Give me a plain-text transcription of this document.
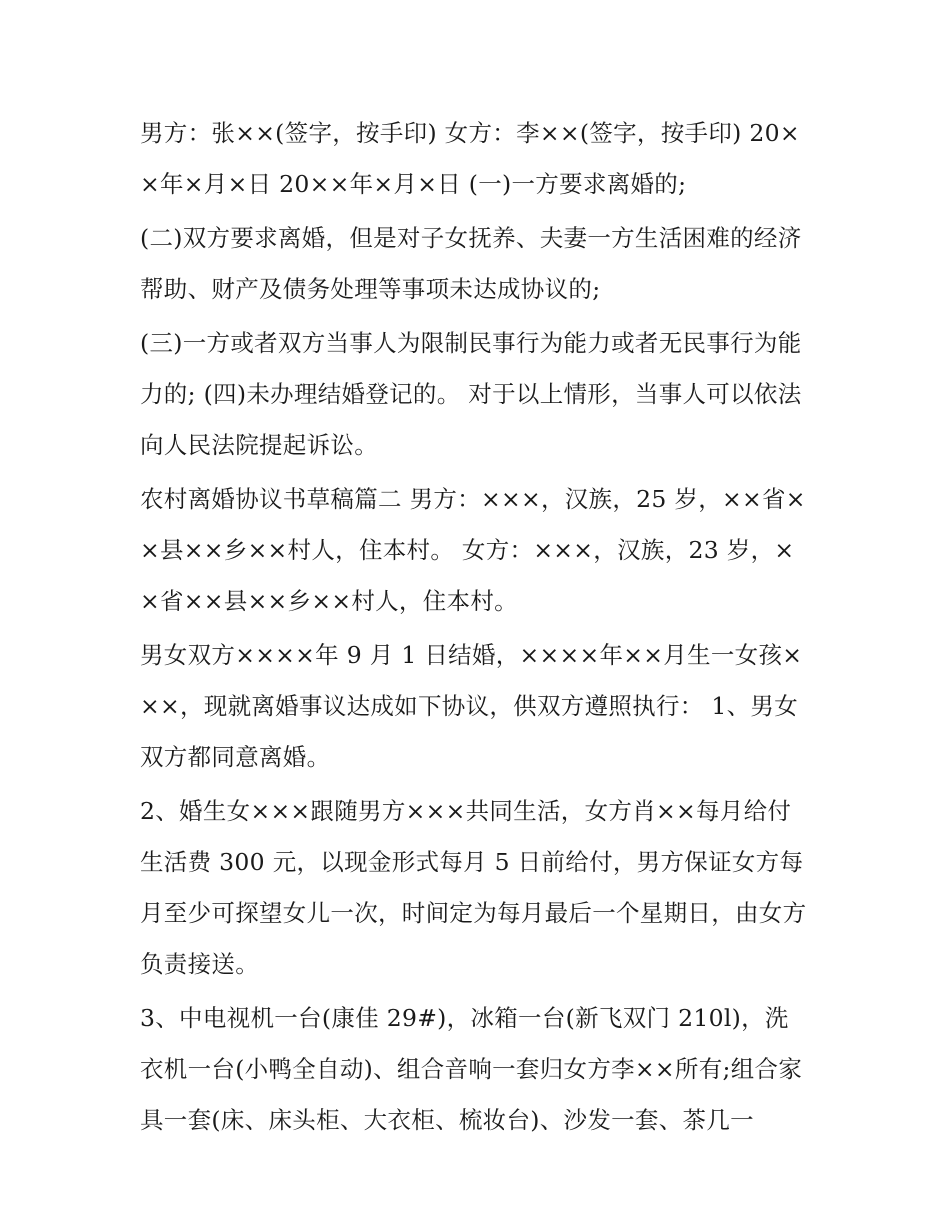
男方：张××(签字，按手印) 女方：李××(签字，按手印) 20××年×月×日 20××年×月×日 (一)一方要求离婚的;

(二)双方要求离婚，但是对子女抚养、夫妻一方生活困难的经济帮助、财产及债务处理等事项未达成协议的;

(三)一方或者双方当事人为限制民事行为能力或者无民事行为能力的; (四)未办理结婚登记的。 对于以上情形，当事人可以依法向人民法院提起诉讼。

农村离婚协议书草稿篇二 男方：×××，汉族，25 岁，××省××县××乡××村人，住本村。 女方：×××，汉族，23 岁，××省××县××乡××村人，住本村。

男女双方××××年 9 月 1 日结婚，××××年××月生一女孩×××，现就离婚事议达成如下协议，供双方遵照执行： 1、男女双方都同意离婚。

2、婚生女×××跟随男方×××共同生活，女方肖××每月给付生活费 300 元，以现金形式每月 5 日前给付，男方保证女方每月至少可探望女儿一次，时间定为每月最后一个星期日，由女方负责接送。

3、中电视机一台(康佳 29#)，冰箱一台(新飞双门 210l)，洗衣机一台(小鸭全自动)、组合音响一套归女方李××所有;组合家具一套(床、床头柜、大衣柜、梳妆台)、沙发一套、茶几一
